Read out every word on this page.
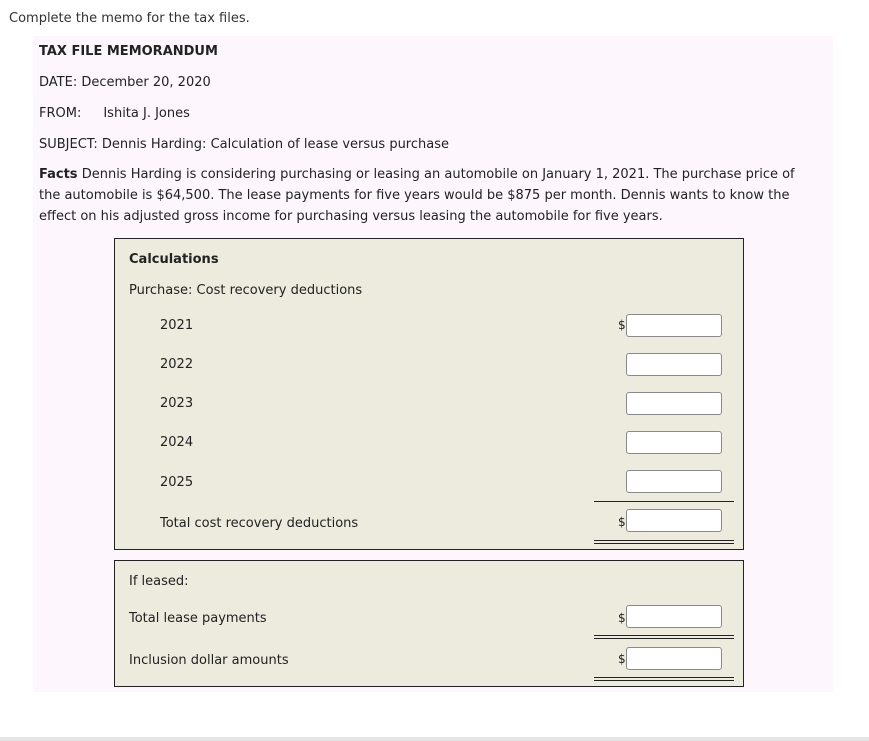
Complete the memo for the tax files.
TAX FILE MEMORANDUM
DATE: December 20, 2020
FROM: Ishita J. Jones
SUBJECT: Dennis Harding: Calculation of lease versus purchase
Facts Dennis Harding is considering purchasing or leasing an automobile on January 1, 2021. The purchase price of the automobile is $64,500. The lease payments for five years would be $875 per month. Dennis wants to know the effect on his adjusted gross income for purchasing versus leasing the automobile for five years.
Calculations
Purchase: Cost recovery deductions
2021	$
2022
2023
2024
2025
Total cost recovery deductions	$
If leased:
Total lease payments	$
Inclusion dollar amounts	$
